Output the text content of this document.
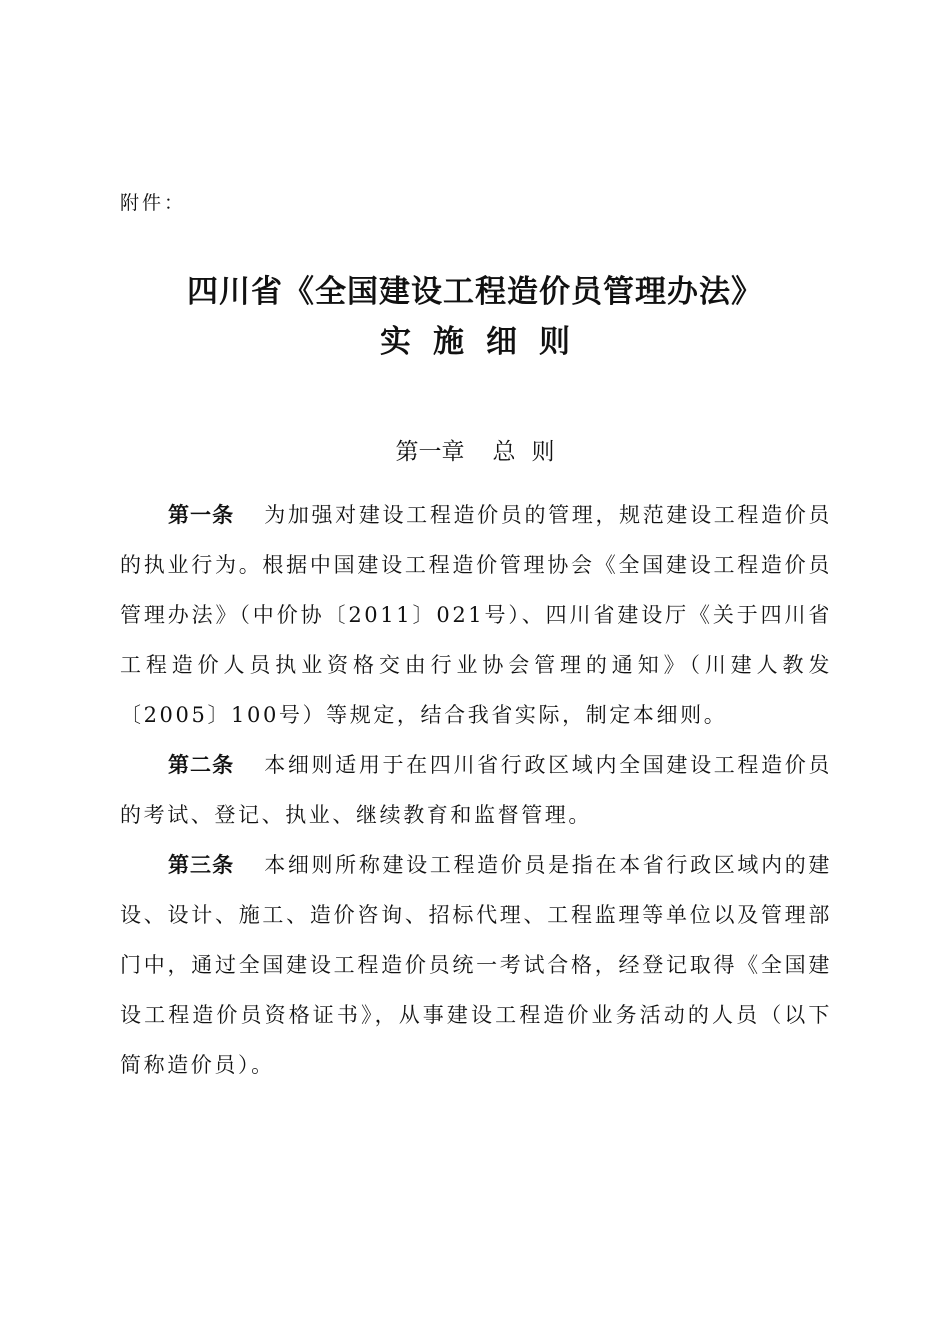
附件：
四川省《全国建设工程造价员管理办法》
实施细则
第一章 总 则

第一条 为加强对建设工程造价员的管理，规范建设工程造价员的执业行为。根据中国建设工程造价管理协会《全国建设工程造价员管理办法》（中价协〔2011〕021号）、四川省建设厅《关于四川省工程造价人员执业资格交由行业协会管理的通知》（川建人教发〔2005〕100号）等规定，结合我省实际，制定本细则。

第二条 本细则适用于在四川省行政区域内全国建设工程造价员的考试、登记、执业、继续教育和监督管理。

第三条 本细则所称建设工程造价员是指在本省行政区域内的建设、设计、施工、造价咨询、招标代理、工程监理等单位以及管理部门中，通过全国建设工程造价员统一考试合格，经登记取得《全国建设工程造价员资格证书》，从事建设工程造价业务活动的人员（以下简称造价员）。
